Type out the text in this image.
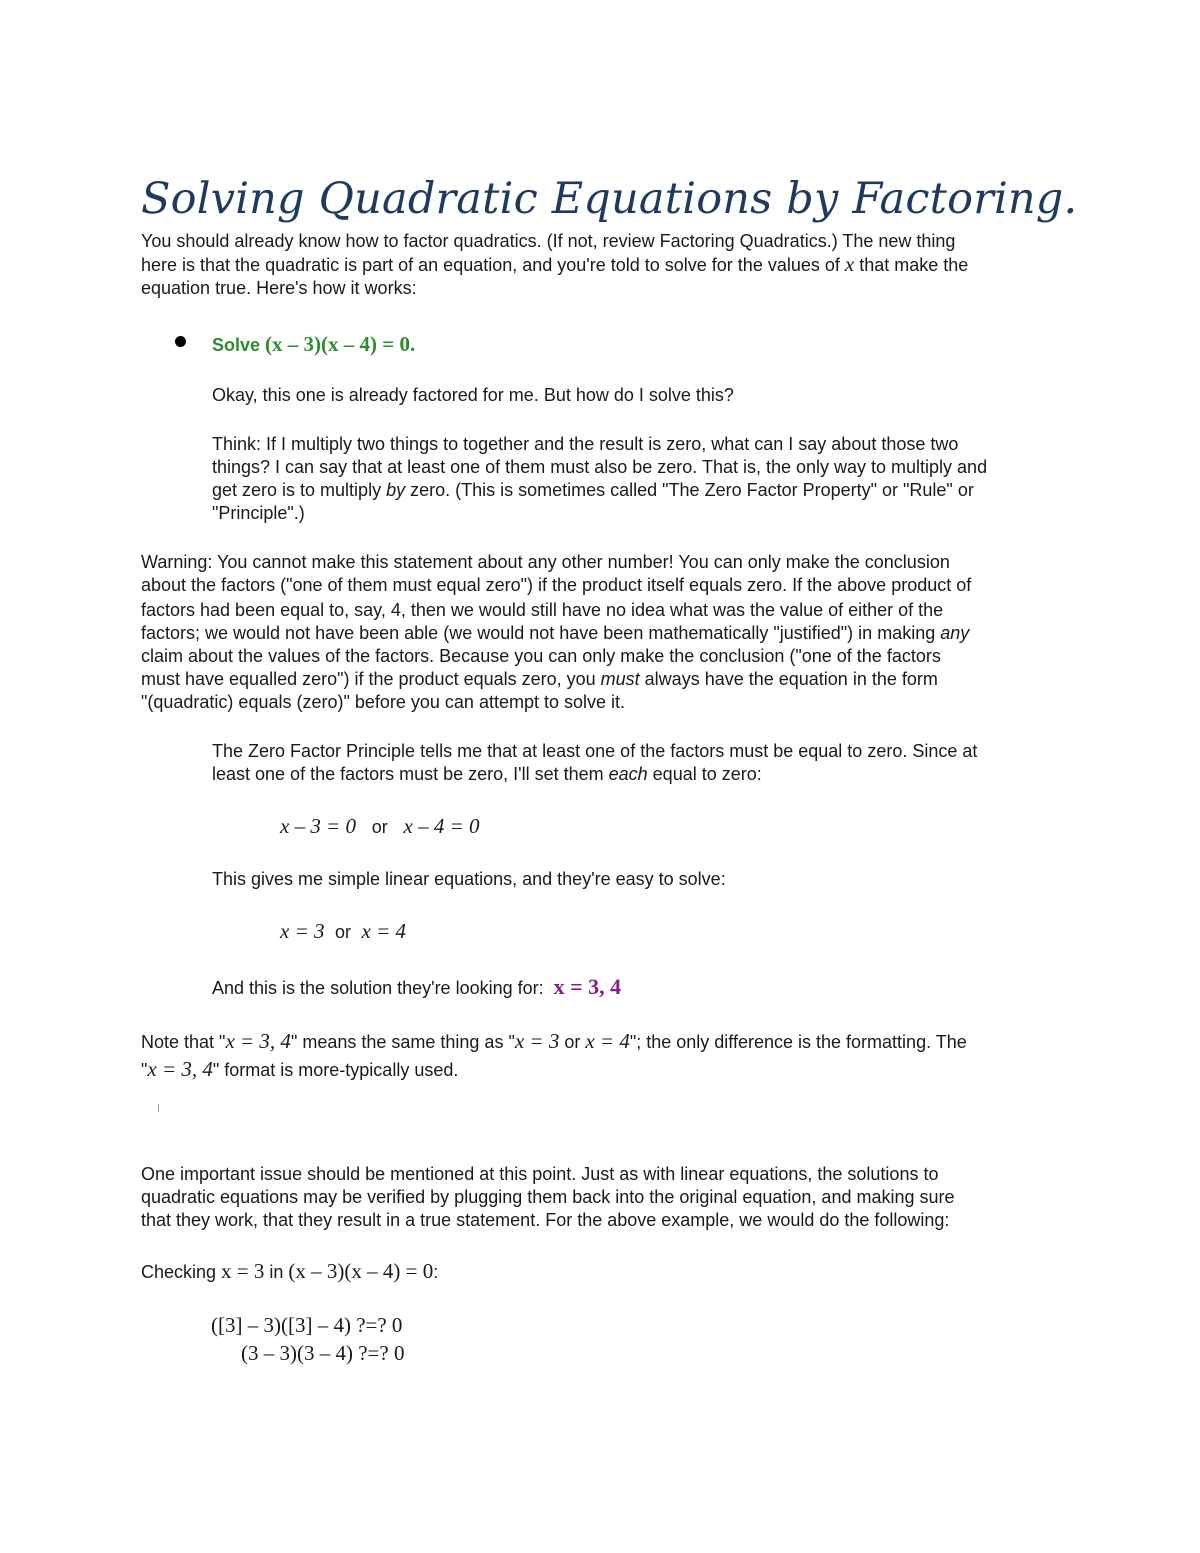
Solving Quadratic Equations by Factoring.
You should already know how to factor quadratics. (If not, review Factoring Quadratics.) The new thing
here is that the quadratic is part of an equation, and you're told to solve for the values of x that make the
equation true. Here's how it works:
Solve (x – 3)(x – 4) = 0.
Okay, this one is already factored for me. But how do I solve this?
Think: If I multiply two things to together and the result is zero, what can I say about those two
things? I can say that at least one of them must also be zero. That is, the only way to multiply and
get zero is to multiply by zero. (This is sometimes called "The Zero Factor Property" or "Rule" or
"Principle".)
Warning: You cannot make this statement about any other number! You can only make the conclusion
about the factors ("one of them must equal zero") if the product itself equals zero. If the above product of
factors had been equal to, say, 4, then we would still have no idea what was the value of either of the
factors; we would not have been able (we would not have been mathematically "justified") in making any
claim about the values of the factors. Because you can only make the conclusion ("one of the factors
must have equalled zero") if the product equals zero, you must always have the equation in the form
"(quadratic) equals (zero)" before you can attempt to solve it.
The Zero Factor Principle tells me that at least one of the factors must be equal to zero. Since at
least one of the factors must be zero, I'll set them each equal to zero:
x – 3 = 0 or x – 4 = 0
This gives me simple linear equations, and they're easy to solve:
x = 3 or x = 4
And this is the solution they're looking for: x = 3, 4
Note that "x = 3, 4" means the same thing as "x = 3 or x = 4"; the only difference is the formatting. The
"x = 3, 4" format is more-typically used.
One important issue should be mentioned at this point. Just as with linear equations, the solutions to
quadratic equations may be verified by plugging them back into the original equation, and making sure
that they work, that they result in a true statement. For the above example, we would do the following:
Checking x = 3 in (x – 3)(x – 4) = 0:
([3] – 3)([3] – 4) ?=? 0
(3 – 3)(3 – 4) ?=? 0
